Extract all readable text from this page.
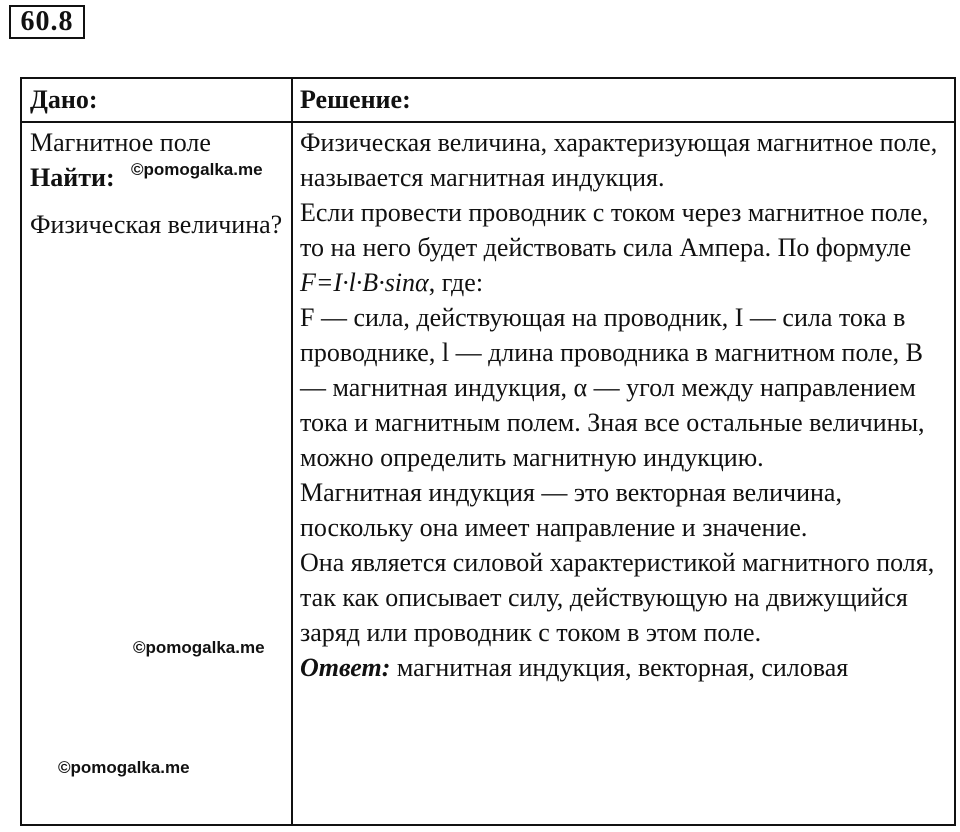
60.8
Дано:	Решение:
Магнитное поле
Найти:
Физическая величина?

Физическая величина, характеризующая магнитное поле, называется магнитная индукция.

Если провести проводник с током через магнитное поле, то на него будет действовать сила Ампера. По формуле F=I·l·B·sinα, где:

F — сила, действующая на проводник, I — сила тока в проводнике, l — длина проводника в магнитном поле, B — магнитная индукция, α — угол между направлением тока и магнитным полем. Зная все остальные величины, можно определить магнитную индукцию.

Магнитная индукция — это векторная величина, поскольку она имеет направление и значение.

Она является силовой характеристикой магнитного поля, так как описывает силу, действующую на движущийся заряд или проводник с током в этом поле.

Ответ: магнитная индукция, векторная, силовая

©pomogalka.me
©pomogalka.me
©pomogalka.me
